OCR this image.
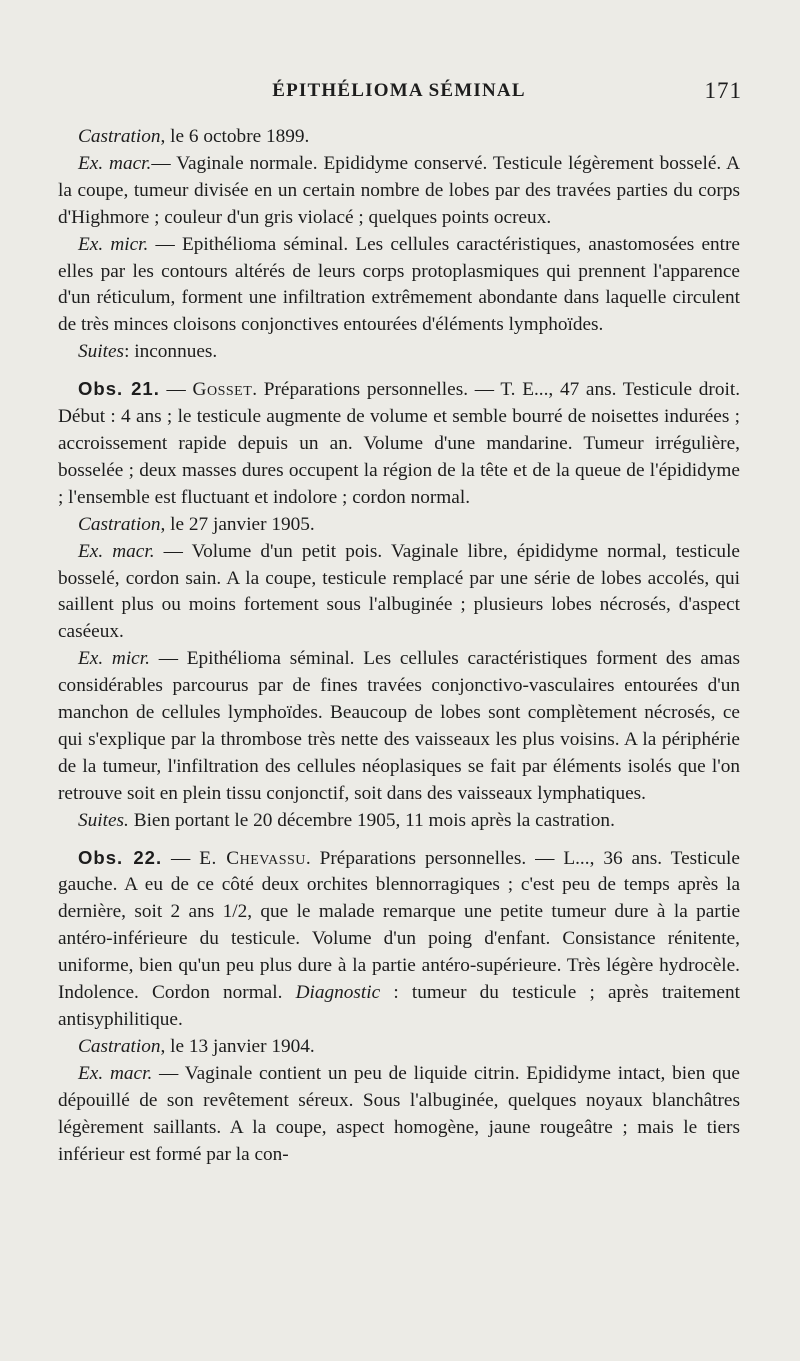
ÉPITHÉLIOMA SÉMINAL	171

Castration, le 6 octobre 1899.

Ex. macr.— Vaginale normale. Epididyme conservé. Testicule légèrement bosselé. A la coupe, tumeur divisée en un certain nombre de lobes par des travées parties du corps d'Highmore ; couleur d'un gris violacé ; quelques points ocreux.

Ex. micr. — Epithélioma séminal. Les cellules caractéristiques, anastomosées entre elles par les contours altérés de leurs corps protoplasmiques qui prennent l'apparence d'un réticulum, forment une infiltration extrêmement abondante dans laquelle circulent de très minces cloisons conjonctives entourées d'éléments lymphoïdes.

Suites: inconnues.

Obs. 21. — Gosset. Préparations personnelles. — T. E..., 47 ans. Testicule droit. Début : 4 ans ; le testicule augmente de volume et semble bourré de noisettes indurées ; accroissement rapide depuis un an. Volume d'une mandarine. Tumeur irrégulière, bosselée ; deux masses dures occupent la région de la tête et de la queue de l'épididyme ; l'ensemble est fluctuant et indolore ; cordon normal.

Castration, le 27 janvier 1905.

Ex. macr. — Volume d'un petit pois. Vaginale libre, épididyme normal, testicule bosselé, cordon sain. A la coupe, testicule remplacé par une série de lobes accolés, qui saillent plus ou moins fortement sous l'albuginée ; plusieurs lobes nécrosés, d'aspect caséeux.

Ex. micr. — Epithélioma séminal. Les cellules caractéristiques forment des amas considérables parcourus par de fines travées conjonctivo-vasculaires entourées d'un manchon de cellules lymphoïdes. Beaucoup de lobes sont complètement nécrosés, ce qui s'explique par la thrombose très nette des vaisseaux les plus voisins. A la périphérie de la tumeur, l'infiltration des cellules néoplasiques se fait par éléments isolés que l'on retrouve soit en plein tissu conjonctif, soit dans des vaisseaux lymphatiques.

Suites. Bien portant le 20 décembre 1905, 11 mois après la castration.

Obs. 22. — E. Chevassu. Préparations personnelles. — L..., 36 ans. Testicule gauche. A eu de ce côté deux orchites blennorragiques ; c'est peu de temps après la dernière, soit 2 ans 1/2, que le malade remarque une petite tumeur dure à la partie antéro-inférieure du testicule. Volume d'un poing d'enfant. Consistance rénitente, uniforme, bien qu'un peu plus dure à la partie antéro-supérieure. Très légère hydrocèle. Indolence. Cordon normal. Diagnostic : tumeur du testicule ; après traitement antisyphilitique.

Castration, le 13 janvier 1904.

Ex. macr. — Vaginale contient un peu de liquide citrin. Epididyme intact, bien que dépouillé de son revêtement séreux. Sous l'albuginée, quelques noyaux blanchâtres légèrement saillants. A la coupe, aspect homogène, jaune rougeâtre ; mais le tiers inférieur est formé par la con-
